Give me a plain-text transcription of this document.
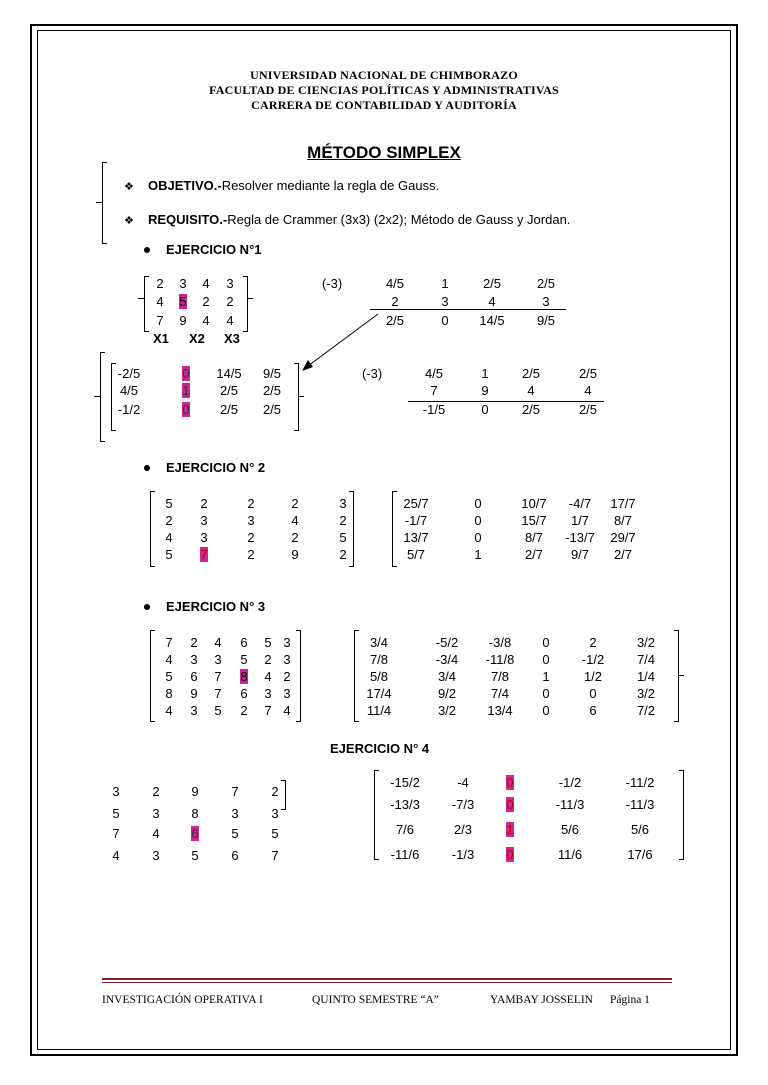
UNIVERSIDAD NACIONAL DE CHIMBORAZO
FACULTAD DE CIENCIAS POLÍTICAS Y ADMINISTRATIVAS
CARRERA DE CONTABILIDAD Y AUDITORÍA
MÉTODO SIMPLEX
❖ OBJETIVO.-Resolver mediante la regla de Gauss.
❖ REQUISITO.-Regla de Crammer (3x3) (2x2); Método de Gauss y Jordan.
EJERCICIO N°1
2	3	4	3
4	5	2	2
7	9	4	4
X1 X2 X3
(-3)	4/5	1	2/5	2/5
2	3	4	3
2/5	0	14/5	9/5
-2/5	0	14/5	9/5
4/5	1	2/5	2/5
-1/2	0	2/5	2/5
(-3)	4/5	1	2/5	2/5
7	9	4	4
-1/5	0	2/5	2/5
EJERCICIO N° 2
5	2	2	2	3
2	3	3	4	2
4	3	2	2	5
5	7	2	9	2
25/7	0	10/7	-4/7	17/7
-1/7	0	15/7	1/7	8/7
13/7	0	8/7	-13/7	29/7
5/7	1	2/7	9/7	2/7
EJERCICIO N° 3
7 2 4 6 5 3
4 3 3 5 2 3
5 6 7 8 4 2
8 9 7 6 3 3
4 3 5 2 7 4
3/4	-5/2	-3/8	0	2	3/2
7/8	-3/4	-11/8	0	-1/2	7/4
5/8	3/4	7/8	1	1/2	1/4
17/4	9/2	7/4	0	0	3/2
11/4	3/2	13/4	0	6	7/2
EJERCICIO N° 4
3	2	9	7	2
5	3	8	3	3
7	4	6	5	5
4	3	5	6	7
-15/2	-4	0	-1/2	-11/2
-13/3	-7/3	0	-11/3	-11/3
7/6	2/3	1	5/6	5/6
-11/6	-1/3	0	11/6	17/6
INVESTIGACIÓN OPERATIVA I	QUINTO SEMESTRE “A”	YAMBAY JOSSELIN Página 1
